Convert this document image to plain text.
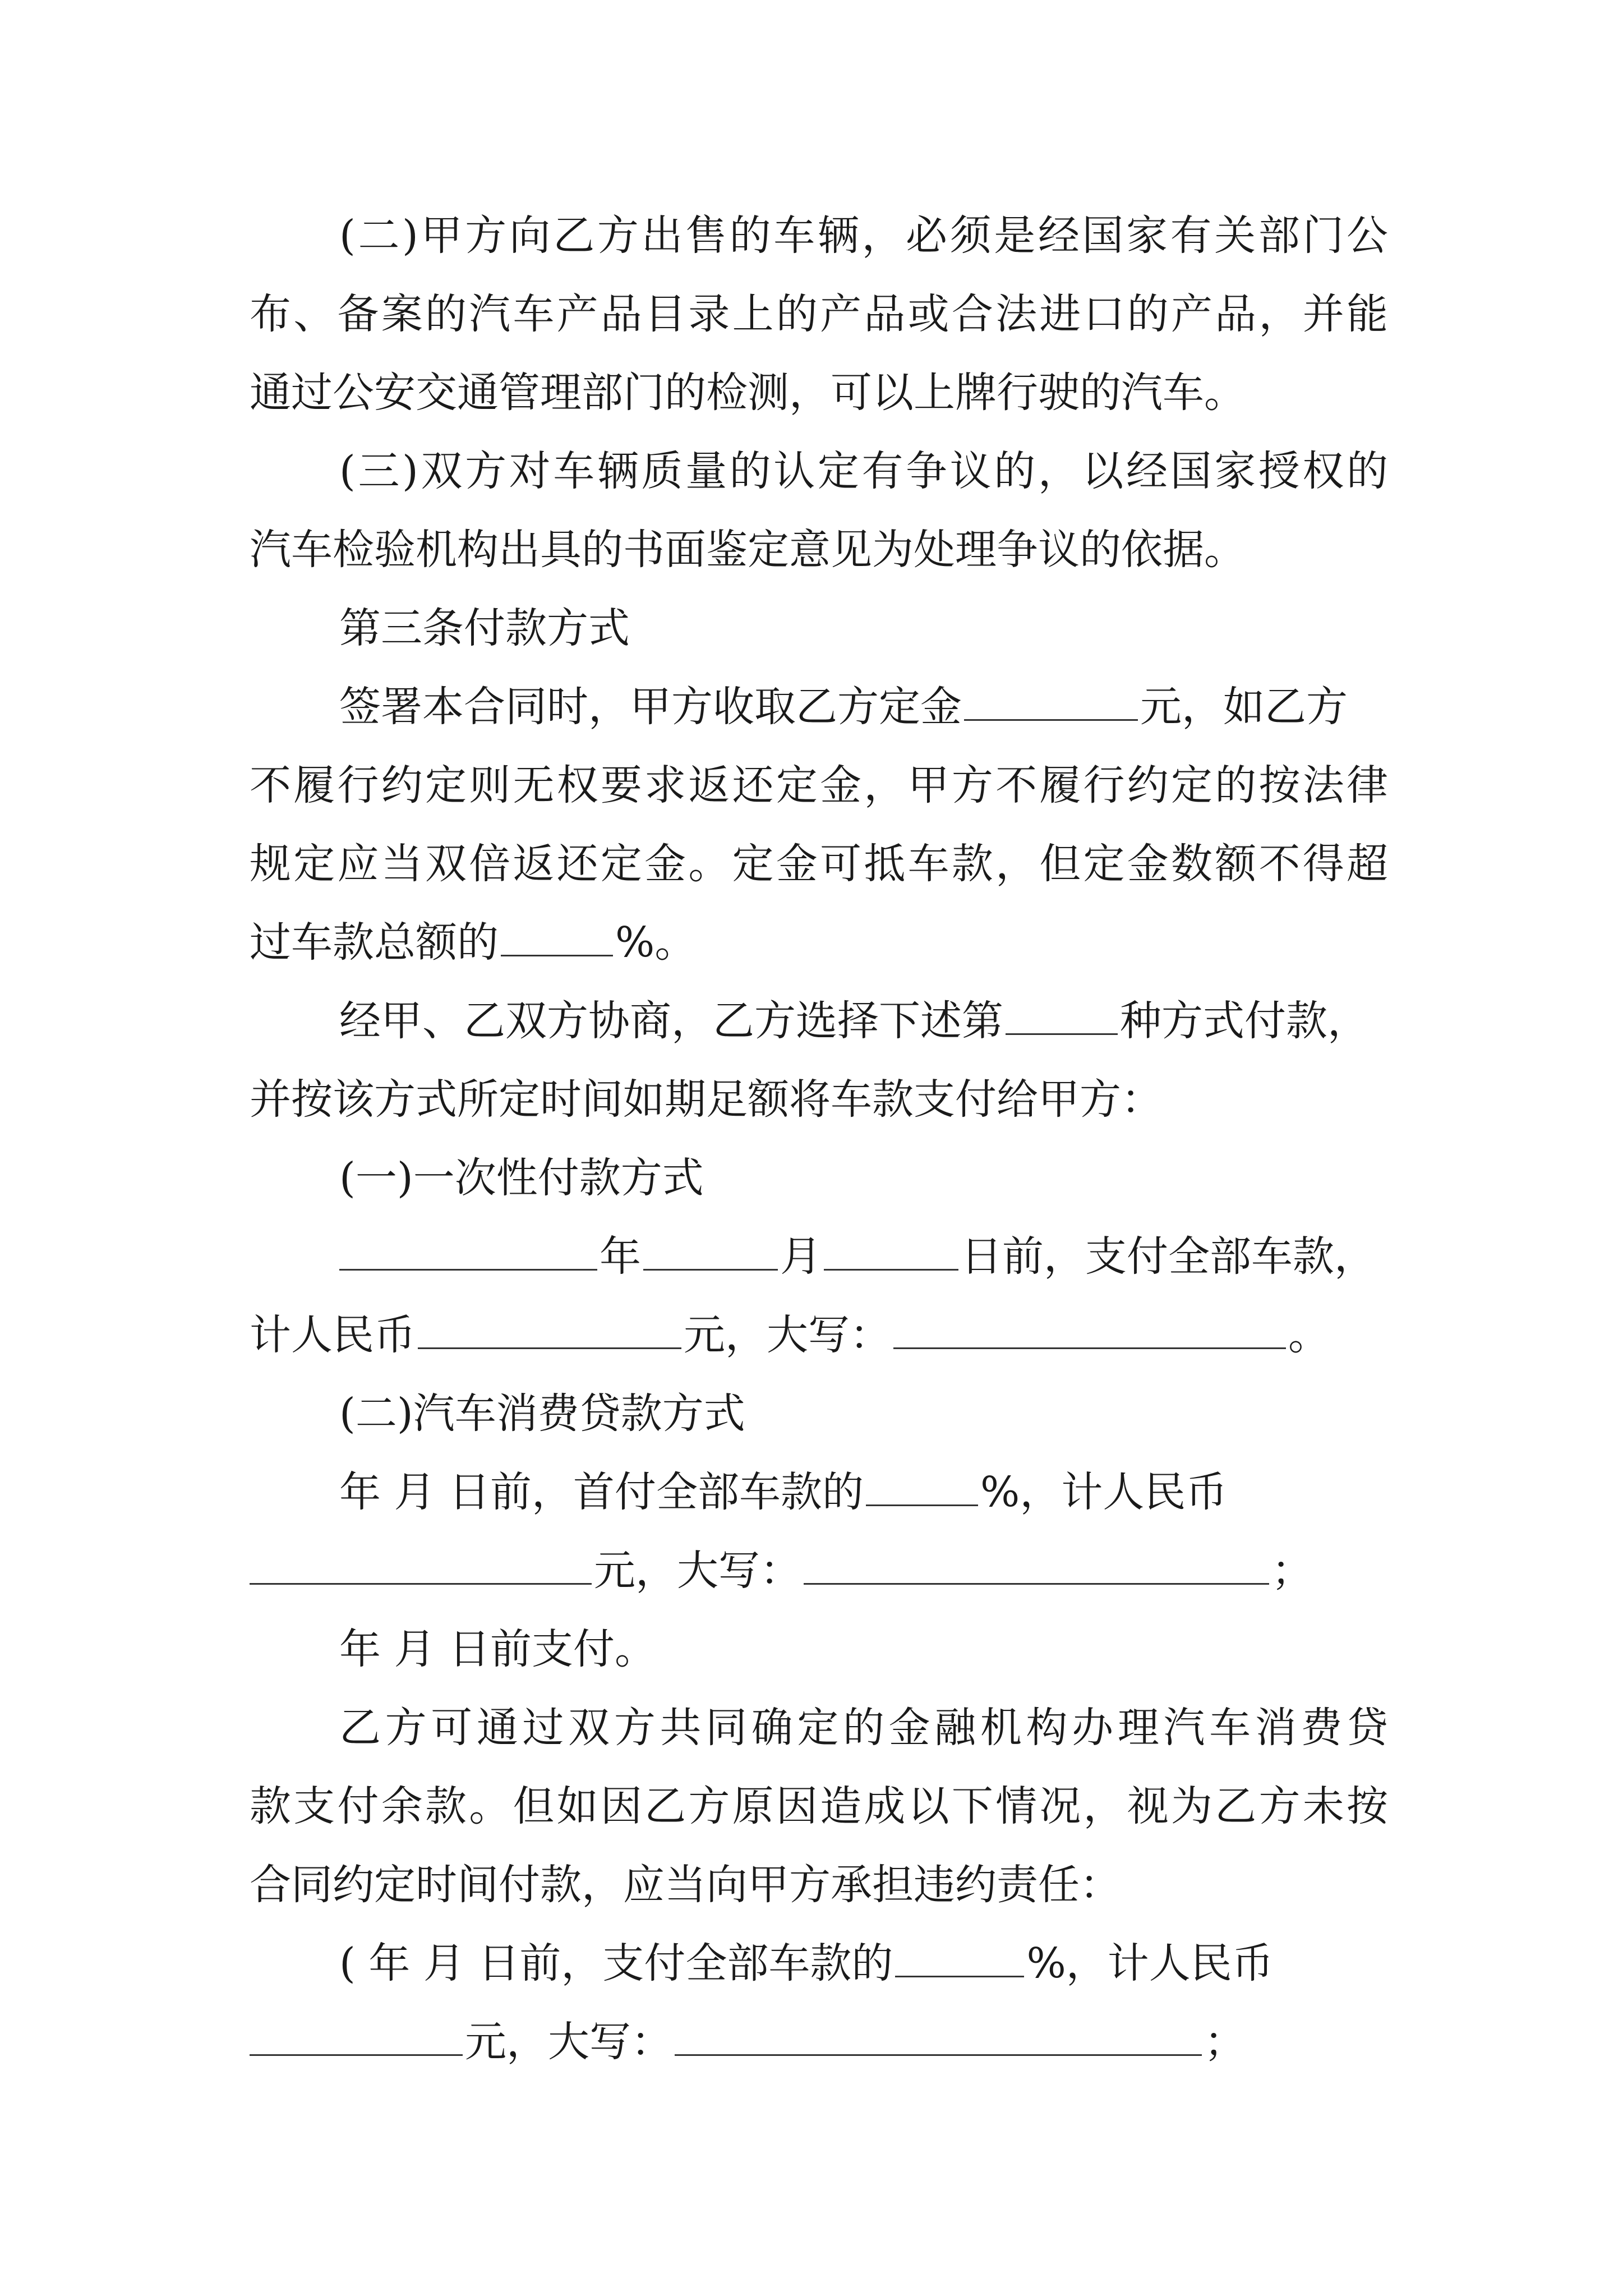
(二)甲方向乙方出售的车辆，必须是经国家有关部门公
布、备案的汽车产品目录上的产品或合法进口的产品，并能
通过公安交通管理部门的检测，可以上牌行驶的汽车。
(三)双方对车辆质量的认定有争议的，以经国家授权的
汽车检验机构出具的书面鉴定意见为处理争议的依据。
第三条付款方式
签署本合同时，甲方收取乙方定金	元，如乙方
不履行约定则无权要求返还定金，甲方不履行约定的按法律
规定应当双倍返还定金。定金可抵车款，但定金数额不得超
过车款总额的	%。
经甲、乙双方协商，乙方选择下述第	种方式付款，
并按该方式所定时间如期足额将车款支付给甲方：
(一)一次性付款方式
年	月	日前，支付全部车款，
计人民币	元，大写：	。
(二)汽车消费贷款方式
年 月 日前，首付全部车款的	%，计人民币
元，大写：	；
年 月 日前支付。
乙方可通过双方共同确定的金融机构办理汽车消费贷
款支付余款。但如因乙方原因造成以下情况，视为乙方未按
合同约定时间付款，应当向甲方承担违约责任：
( 年 月 日前，支付全部车款的	%，计人民币
元，大写：	；
